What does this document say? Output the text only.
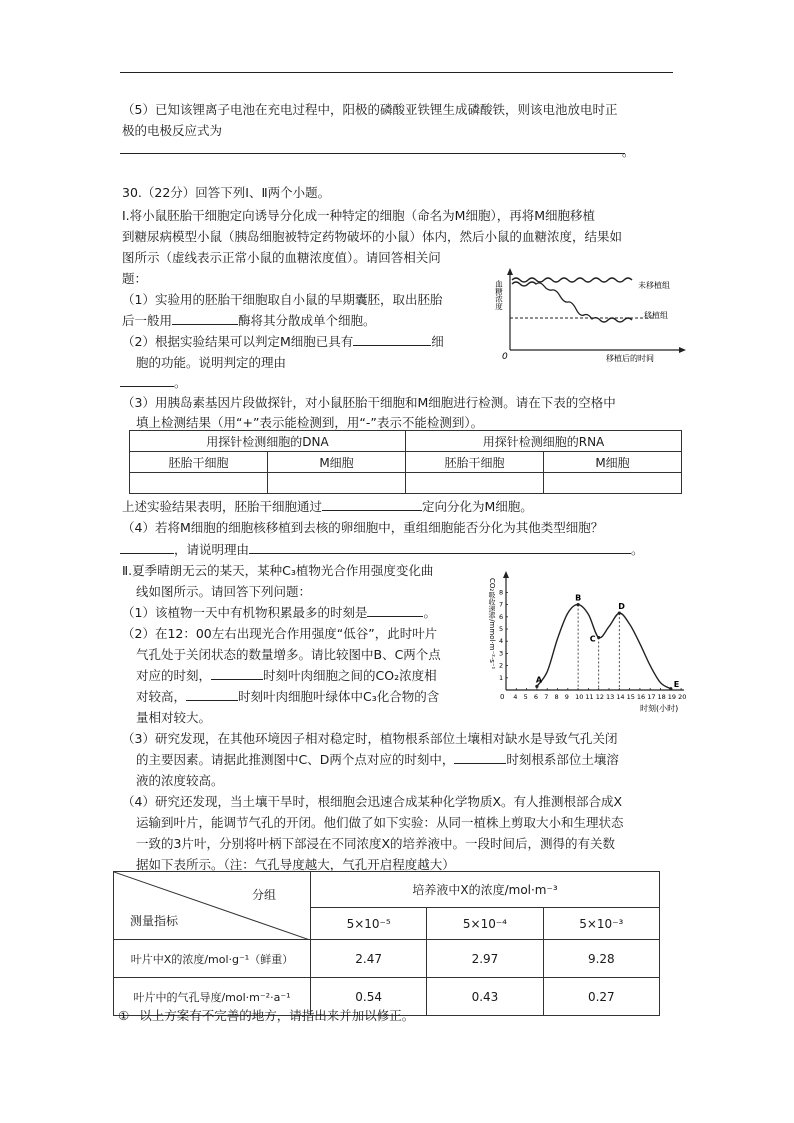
（5）已知该锂离子电池在充电过程中，阳极的磷酸亚铁锂生成磷酸铁，则该电池放电时正
极的电极反应式为
。
30.（22分）回答下列Ⅰ、Ⅱ两个小题。
Ⅰ.将小鼠胚胎干细胞定向诱导分化成一种特定的细胞（命名为M细胞），再将M细胞移植
到糖尿病模型小鼠（胰岛细胞被特定药物破坏的小鼠）体内，然后小鼠的血糖浓度，结果如
图所示（虚线表示正常小鼠的血糖浓度值）。请回答相关问
题：
（1）实验用的胚胎干细胞取自小鼠的早期囊胚，取出胚胎
后一般用	酶将其分散成单个细胞。
（2）根据实验结果可以判定M细胞已具有	细
胞的功能。说明判定的理由
。
血糖浓度
0	移植后的时间
未移植组
移植组
（3）用胰岛素基因片段做探针，对小鼠胚胎干细胞和M细胞进行检测。请在下表的空格中
填上检测结果（用“+”表示能检测到，用“-”表示不能检测到）。
用探针检测细胞的DNA		用探针检测细胞的RNA	
胚胎干细胞	M细胞	胚胎干细胞	M细胞

上述实验结果表明，胚胎干细胞通过	定向分化为M细胞。
（4）若将M细胞的细胞核移植到去核的卵细胞中，重组细胞能否分化为其他类型细胞？
，请说明理由	。
Ⅱ.夏季晴朗无云的某天，某种C₃植物光合作用强度变化曲
线如图所示。请回答下列问题：
（1）该植物一天中有机物积累最多的时刻是	。
（2）在12：00左右出现光合作用强度“低谷”，此时叶片
气孔处于关闭状态的数量增多。请比较图中B、C两个点
对应的时刻，	时刻叶肉细胞之间的CO₂浓度相
对较高，	时刻叶肉细胞叶绿体中C₃化合物的含
量相对较大。
CO₂吸收速率/mmol·m⁻²·s⁻¹
时刻(小时)
0 4 5 6 7 8 9 10 11 12 13 14 15 16 17 18 19 20
1
2
3
4
5
6
7
8
A
B
C
D
E
（3）研究发现，在其他环境因子相对稳定时，植物根系部位土壤相对缺水是导致气孔关闭
的主要因素。请据此推测图中C、D两个点对应的时刻中，	时刻根系部位土壤溶
液的浓度较高。
（4）研究还发现，当土壤干旱时，根细胞会迅速合成某种化学物质X。有人推测根部合成X
运输到叶片，能调节气孔的开闭。他们做了如下实验：从同一植株上剪取大小和生理状态
一致的3片叶，分别将叶柄下部浸在不同浓度X的培养液中。一段时间后，测得的有关数
据如下表所示。（注：气孔导度越大，气孔开启程度越大）
分组
测量指标	培养液中X的浓度/mol·m⁻³		
	5×10⁻⁵	5×10⁻⁴	5×10⁻³
叶片中X的浓度/mol·g⁻¹（鲜重）	2.47	2.97	9.28
叶片中的气孔导度/mol·m⁻²·a⁻¹	0.54	0.43	0.27
① 以上方案有不完善的地方，请指出来并加以修正。
